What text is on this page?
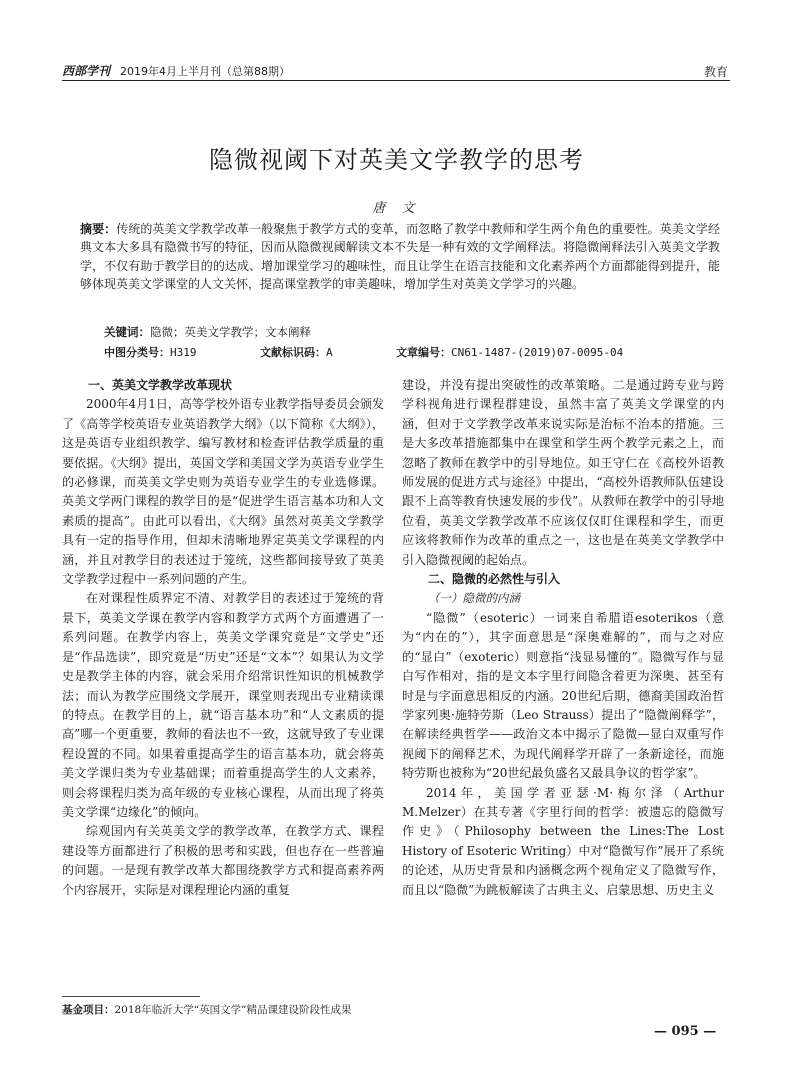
西部学刊 2019年4月上半月刊（总第88期）	教育
隐微视阈下对英美文学教学的思考
唐 文
摘要：传统的英美文学教学改革一般聚焦于教学方式的变革，而忽略了教学中教师和学生两个角色的重要性。英美文学经典文本大多具有隐微书写的特征，因而从隐微视阈解读文本不失是一种有效的文学阐释法。将隐微阐释法引入英美文学教学，不仅有助于教学目的的达成、增加课堂学习的趣味性，而且让学生在语言技能和文化素养两个方面都能得到提升，能够体现英美文学课堂的人文关怀，提高课堂教学的审美趣味，增加学生对英美文学学习的兴趣。
关键词：隐微；英美文学教学；文本阐释
中图分类号：H319	文献标识码：A	文章编号：CN61-1487-(2019)07-0095-04
一、英美文学教学改革现状

2000年4月1日，高等学校外语专业教学指导委员会颁发了《高等学校英语专业英语教学大纲》（以下简称《大纲》），这是英语专业组织教学、编写教材和检查评估教学质量的重要依据。《大纲》提出，英国文学和美国文学为英语专业学生的必修课，而英美文学史则为英语专业学生的专业选修课。英美文学两门课程的教学目的是“促进学生语言基本功和人文素质的提高”。由此可以看出，《大纲》虽然对英美文学教学具有一定的指导作用，但却未清晰地界定英美文学课程的内涵，并且对教学目的表述过于笼统，这些都间接导致了英美文学教学过程中一系列问题的产生。

在对课程性质界定不清、对教学目的表述过于笼统的背景下，英美文学课在教学内容和教学方式两个方面遭遇了一系列问题。在教学内容上，英美文学课究竟是“文学史”还是“作品选读”，即究竟是“历史”还是“文本”？如果认为文学史是教学主体的内容，就会采用介绍常识性知识的机械教学法；而认为教学应围绕文学展开，课堂则表现出专业精读课的特点。在教学目的上，就“语言基本功”和“人文素质的提高”哪一个更重要，教师的看法也不一致，这就导致了专业课程设置的不同。如果着重提高学生的语言基本功，就会将英美文学课归类为专业基础课；而着重提高学生的人文素养，则会将课程归类为高年级的专业核心课程，从而出现了将英美文学课“边缘化”的倾向。

综观国内有关英美文学的教学改革，在教学方式、课程建设等方面都进行了积极的思考和实践，但也存在一些普遍的问题。一是现有教学改革大都围绕教学方式和提高素养两个内容展开，实际是对课程理论内涵的重复

建设，并没有提出突破性的改革策略。二是通过跨专业与跨学科视角进行课程群建设，虽然丰富了英美文学课堂的内涵，但对于文学教学改革来说实际是治标不治本的措施。三是大多改革措施都集中在课堂和学生两个教学元素之上，而忽略了教师在教学中的引导地位。如王守仁在《高校外语教师发展的促进方式与途径》中提出，“高校外语教师队伍建设跟不上高等教育快速发展的步伐”。从教师在教学中的引导地位看，英美文学教学改革不应该仅仅盯住课程和学生，而更应该将教师作为改革的重点之一，这也是在英美文学教学中引入隐微视阈的起始点。

二、隐微的必然性与引入
（一）隐微的内涵

“隐微”（esoteric）一词来自希腊语esoterikos（意为“内在的”），其字面意思是“深奥难解的”，而与之对应的“显白”（exoteric）则意指“浅显易懂的”。隐微写作与显白写作相对，指的是文本字里行间隐含着更为深奥、甚至有时是与字面意思相反的内涵。20世纪后期，德裔美国政治哲学家列奥·施特劳斯（Leo Strauss）提出了“隐微阐释学”，在解读经典哲学——政治文本中揭示了隐微—显白双重写作视阈下的阐释艺术，为现代阐释学开辟了一条新途径，而施特劳斯也被称为“20世纪最负盛名又最具争议的哲学家”。

2014年，美国学者亚瑟·M·梅尔泽（Arthur M.Melzer）在其专著《字里行间的哲学：被遗忘的隐微写作史》（Philosophy between the Lines:The Lost History of Esoteric Writing）中对“隐微写作”展开了系统的论述，从历史背景和内涵概念两个视角定义了隐微写作，而且以“隐微”为跳板解读了古典主义、启蒙思想、历史主义

基金项目：2018年临沂大学“英国文学”精品课建设阶段性成果
— 095 —
